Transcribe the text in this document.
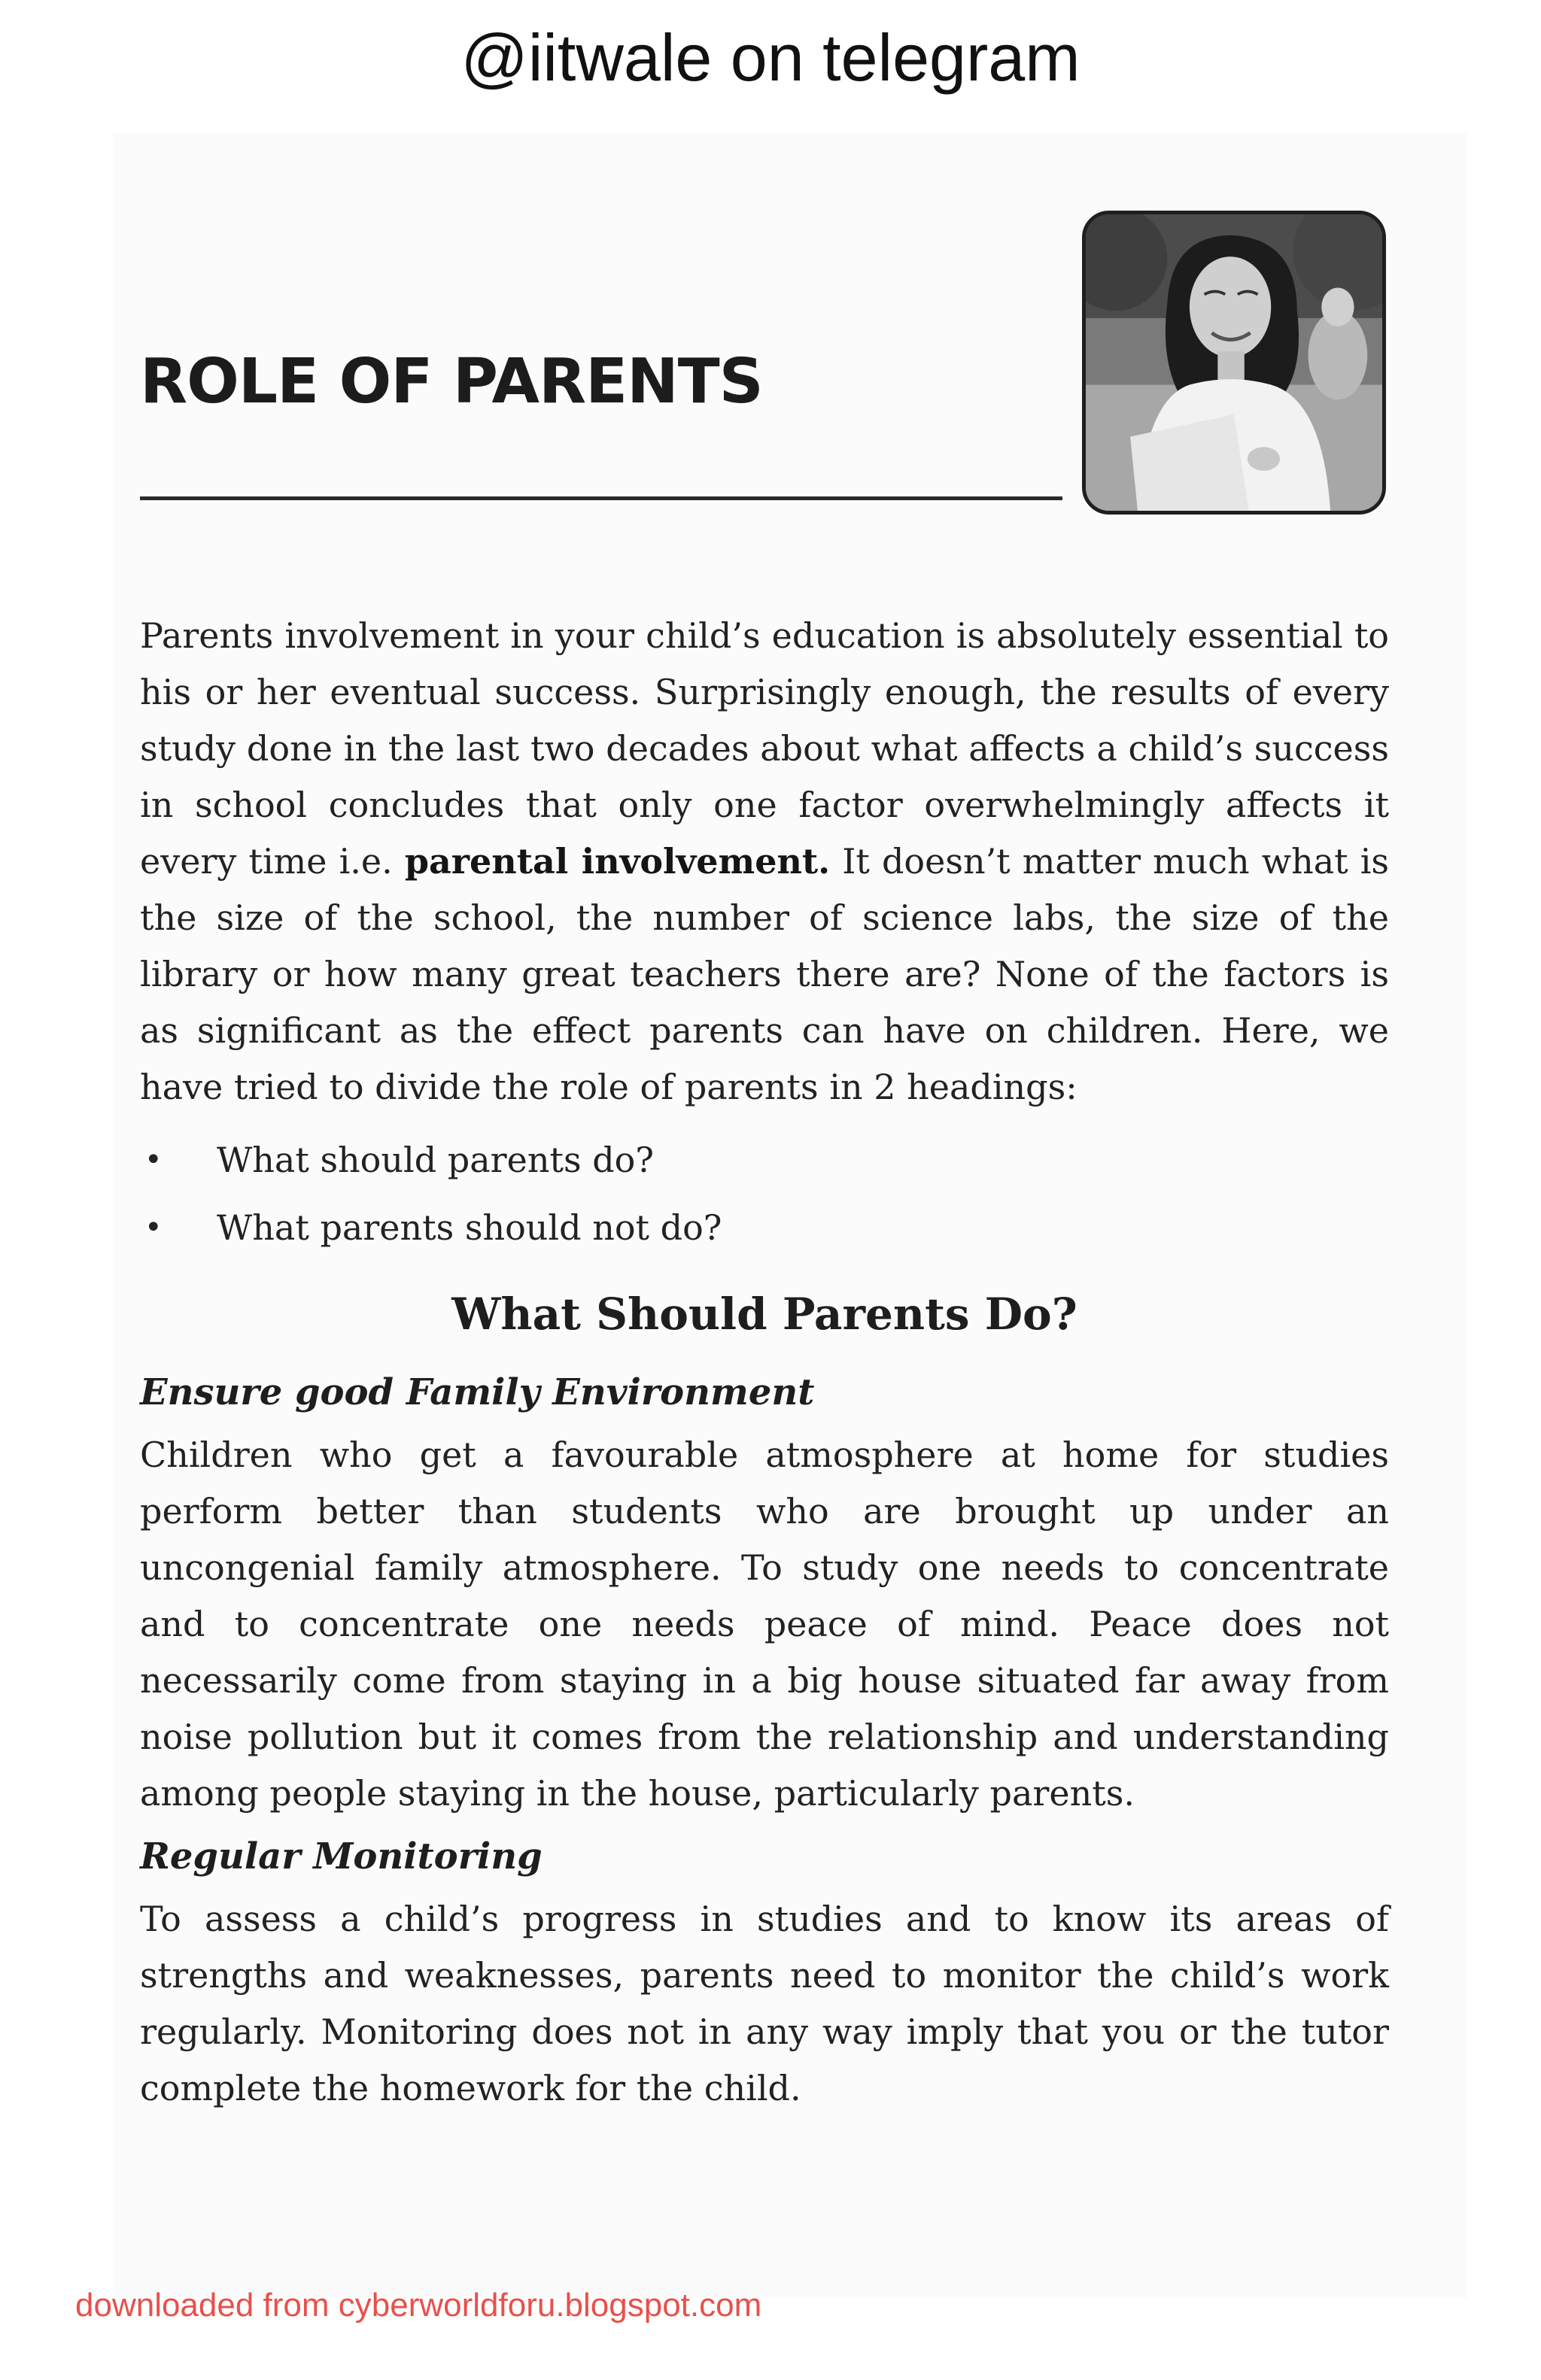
@iitwale on telegram
ROLE OF PARENTS

Parents involvement in your child’s education is absolutely essential to his or her eventual success. Surprisingly enough, the results of every study done in the last two decades about what affects a child’s success in school concludes that only one factor overwhelmingly affects it every time i.e. parental involvement. It doesn’t matter much what is the size of the school, the number of science labs, the size of the library or how many great teachers there are? None of the factors is as significant as the effect parents can have on children. Here, we have tried to divide the role of parents in 2 headings:

• What should parents do?
• What parents should not do?
What Should Parents Do?
Ensure good Family Environment

Children who get a favourable atmosphere at home for studies perform better than students who are brought up under an uncongenial family atmosphere. To study one needs to concentrate and to concentrate one needs peace of mind. Peace does not necessarily come from staying in a big house situated far away from noise pollution but it comes from the relationship and understanding among people staying in the house, particularly parents.

Regular Monitoring

To assess a child’s progress in studies and to know its areas of strengths and weaknesses, parents need to monitor the child’s work regularly. Monitoring does not in any way imply that you or the tutor complete the homework for the child.

downloaded from cyberworldforu.blogspot.com
